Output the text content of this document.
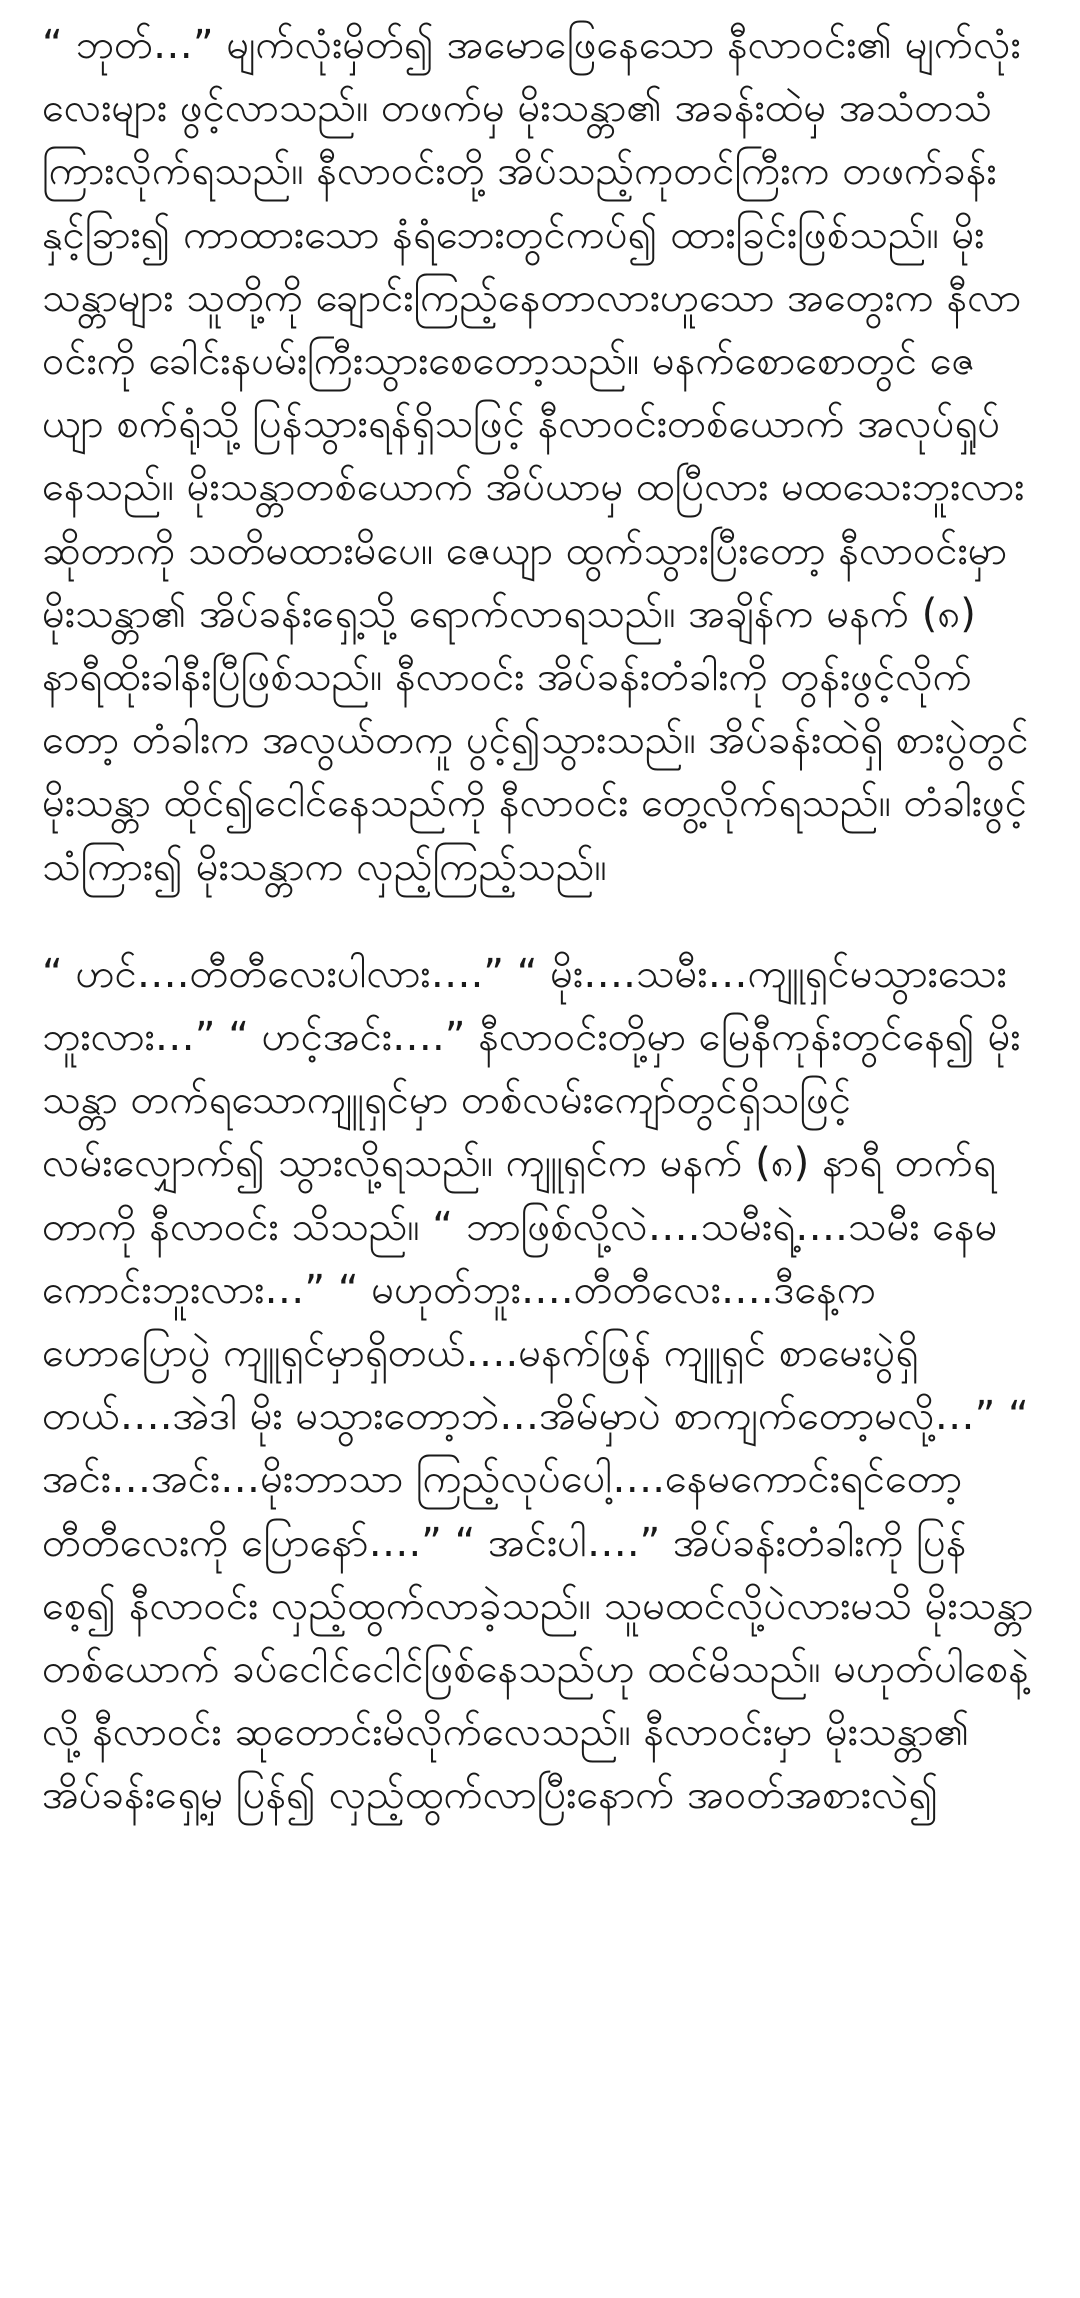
“ ဘုတ်…” မျက်လုံးမှိတ်၍ အမောဖြေနေသော နီလာဝင်း၏ မျက်လုံးလေးများ ဖွင့်လာသည်။ တဖက်မှ မိုးသန္တာ၏ အခန်းထဲမှ အသံတသံကြားလိုက်ရသည်။ နီလာဝင်းတို့ အိပ်သည့်ကုတင်ကြီးက တဖက်ခန်းနှင့်ခြား၍ ကာထားသော နံရံဘေးတွင်ကပ်၍ ထားခြင်းဖြစ်သည်။ မိုးသန္တာများ သူတို့ကို ချောင်းကြည့်နေတာလားဟူသော အတွေးက နီလာဝင်းကို ခေါင်းနပမ်းကြီးသွားစေတော့သည်။ မနက်စောစောတွင် ဇေယျာ စက်ရုံသို့ ပြန်သွားရန်ရှိသဖြင့် နီလာဝင်းတစ်ယောက် အလုပ်ရှုပ်နေသည်။ မိုးသန္တာတစ်ယောက် အိပ်ယာမှ ထပြီလား မထသေးဘူးလား ဆိုတာကို သတိမထားမိပေ။ ဇေယျာ ထွက်သွားပြီးတော့ နီလာဝင်းမှာ မိုးသန္တာ၏ အိပ်ခန်းရှေ့သို့ ရောက်လာရသည်။ အချိန်က မနက် (၈) နာရီထိုးခါနီးပြီဖြစ်သည်။ နီလာဝင်း အိပ်ခန်းတံခါးကို တွန်းဖွင့်လိုက်တော့ တံခါးက အလွယ်တကူ ပွင့်၍သွားသည်။ အိပ်ခန်းထဲရှိ စားပွဲတွင် မိုးသန္တာ ထိုင်၍ငေါင်နေသည်ကို နီလာဝင်း တွေ့လိုက်ရသည်။ တံခါးဖွင့်သံကြား၍ မိုးသန္တာက လှည့်ကြည့်သည်။

“ ဟင်….တီတီလေးပါလား….” “ မိုး….သမီး…ကျူရှင်မသွားသေးဘူးလား…” “ ဟင့်အင်း….” နီလာဝင်းတို့မှာ မြေနီကုန်းတွင်နေ၍ မိုးသန္တာ တက်ရသောကျူရှင်မှာ တစ်လမ်းကျော်တွင်ရှိသဖြင့် လမ်းလျှောက်၍ သွားလို့ရသည်။ ကျူရှင်က မနက် (၈) နာရီ တက်ရတာကို နီလာဝင်း သိသည်။ “ ဘာဖြစ်လို့လဲ….သမီးရဲ့….သမီး နေမကောင်းဘူးလား…” “ မဟုတ်ဘူး….တီတီလေး….ဒီနေ့က ဟောပြောပွဲ ကျူရှင်မှာရှိတယ်….မနက်ဖြန် ကျူရှင် စာမေးပွဲရှိတယ်….အဲဒါ မိုး မသွားတော့ဘဲ…အိမ်မှာပဲ စာကျက်တော့မလို့…” “ အင်း…အင်း…မိုးဘာသာ ကြည့်လုပ်ပေါ့….နေမကောင်းရင်တော့ တီတီလေးကို ပြောနော်….” “ အင်းပါ….” အိပ်ခန်းတံခါးကို ပြန်စေ့၍ နီလာဝင်း လှည့်ထွက်လာခဲ့သည်။ သူမထင်လို့ပဲလားမသိ မိုးသန္တာတစ်ယောက် ခပ်ငေါင်ငေါင်ဖြစ်နေသည်ဟု ထင်မိသည်။ မဟုတ်ပါစေနဲ့လို့ နီလာဝင်း ဆုတောင်းမိလိုက်လေသည်။ နီလာဝင်းမှာ မိုးသန္တာ၏ အိပ်ခန်းရှေ့မှ ပြန်၍ လှည့်ထွက်လာပြီးနောက် အဝတ်အစားလဲ၍
